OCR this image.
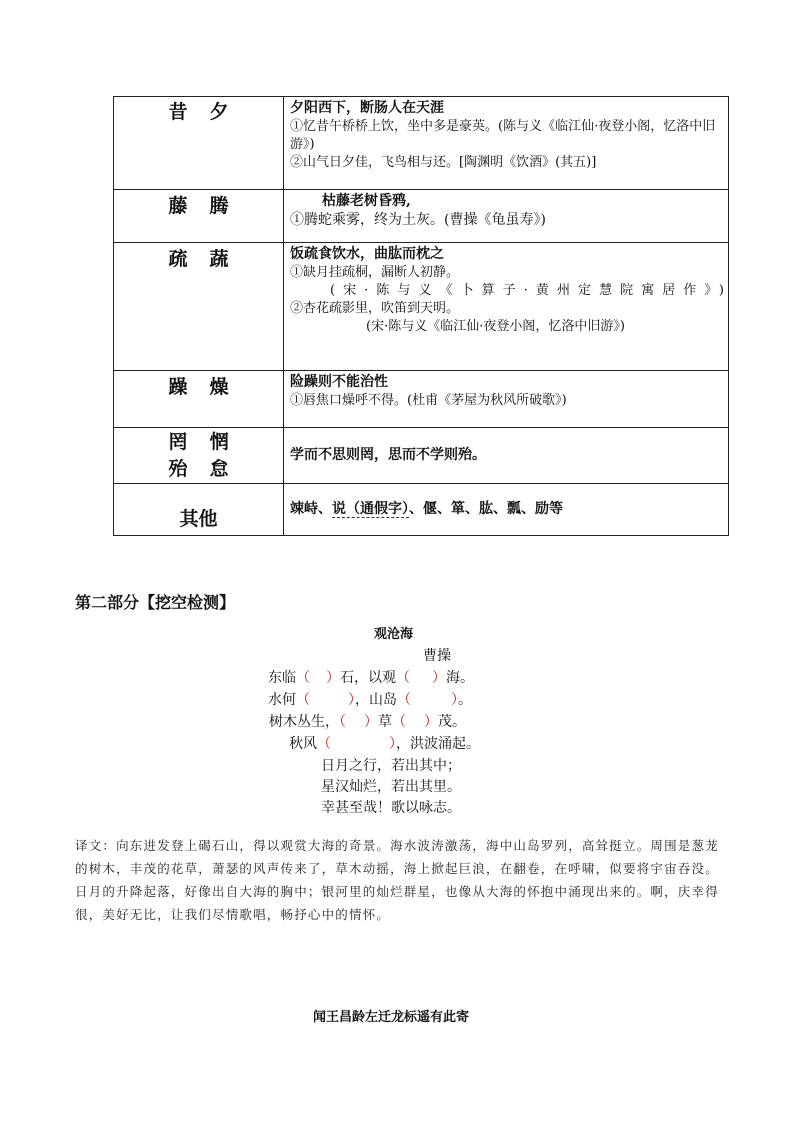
昔夕	夕阳西下，断肠人在天涯
①忆昔午桥桥上饮，坐中多是豪英。(陈与义《临江仙·夜登小阁，忆洛中旧游》)
②山气日夕佳，飞鸟相与还。[陶渊明《饮酒》(其五)]

藤腾	枯藤老树昏鸦,
①腾蛇乘雾，终为土灰。(曹操《龟虽寿》)

疏蔬	饭疏食饮水，曲肱而枕之
①缺月挂疏桐，漏断人初静。
(宋·陈与义《卜算子·黄州定慧院寓居作》)
②杏花疏影里，吹笛到天明。
(宋·陈与义《临江仙·夜登小阁，忆洛中旧游》)

躁燥	险躁则不能治性
①唇焦口燥呼不得。(杜甫《茅屋为秋风所破歌》)

罔惘
殆怠	学而不思则罔，思而不学则殆。

其他	竦峙、说（通假字）、偃、箪、肱、瓢、励等
第二部分【挖空检测】
观沧海
曹操
东临（ ）石，以观（ ）海。
水何（	），山岛（	）。
树木丛生，（ ）草（ ）茂。
秋风（	），洪波涌起。
日月之行，若出其中；
星汉灿烂，若出其里。
幸甚至哉！歌以咏志。
译文：向东进发登上碣石山，得以观赏大海的奇景。海水波涛激荡，海中山岛罗列，高耸挺立。周围是葱茏的树木，丰茂的花草，萧瑟的风声传来了，草木动摇，海上掀起巨浪，在翻卷，在呼啸，似要将宇宙吞没。日月的升降起落，好像出自大海的胸中；银河里的灿烂群星，也像从大海的怀抱中涌现出来的。啊，庆幸得很，美好无比，让我们尽情歌唱，畅抒心中的情怀。
闻王昌龄左迁龙标遥有此寄
